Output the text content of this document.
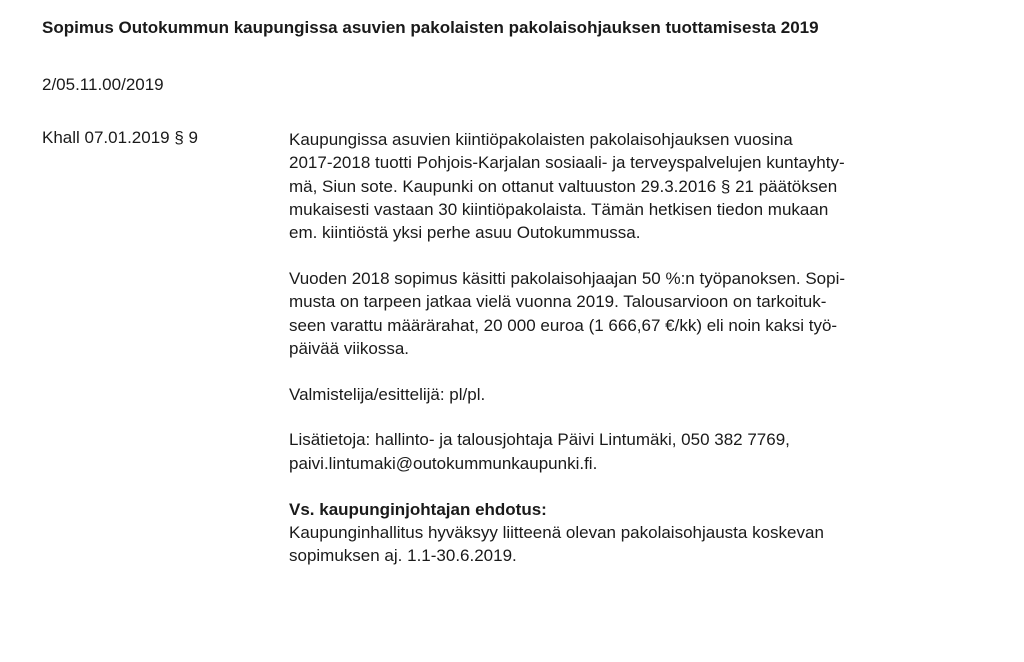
Sopimus Outokummun kaupungissa asuvien pakolaisten pakolaisohjauksen tuottamisesta 2019
2/05.11.00/2019
Khall 07.01.2019 § 9	Kaupungissa asuvien kiintiöpakolaisten pakolaisohjauksen vuosina
2017-2018 tuotti Pohjois-Karjalan sosiaali- ja terveyspalvelujen kuntayhty-
mä, Siun sote. Kaupunki on ottanut valtuuston 29.3.2016 § 21 päätöksen
mukaisesti vastaan 30 kiintiöpakolaista. Tämän hetkisen tiedon mukaan
em. kiintiöstä yksi perhe asuu Outokummussa.
Vuoden 2018 sopimus käsitti pakolaisohjaajan 50 %:n työpanoksen. Sopi-
musta on tarpeen jatkaa vielä vuonna 2019. Talousarvioon on tarkoituk-
seen varattu määrärahat, 20 000 euroa (1 666,67 €/kk) eli noin kaksi työ-
päivää viikossa.
Valmistelija/esittelijä: pl/pl.
Lisätietoja: hallinto- ja talousjohtaja Päivi Lintumäki, 050 382 7769,
paivi.lintumaki@outokummunkaupunki.fi.
Vs. kaupunginjohtajan ehdotus:
Kaupunginhallitus hyväksyy liitteenä olevan pakolaisohjausta koskevan
sopimuksen aj. 1.1-30.6.2019.
